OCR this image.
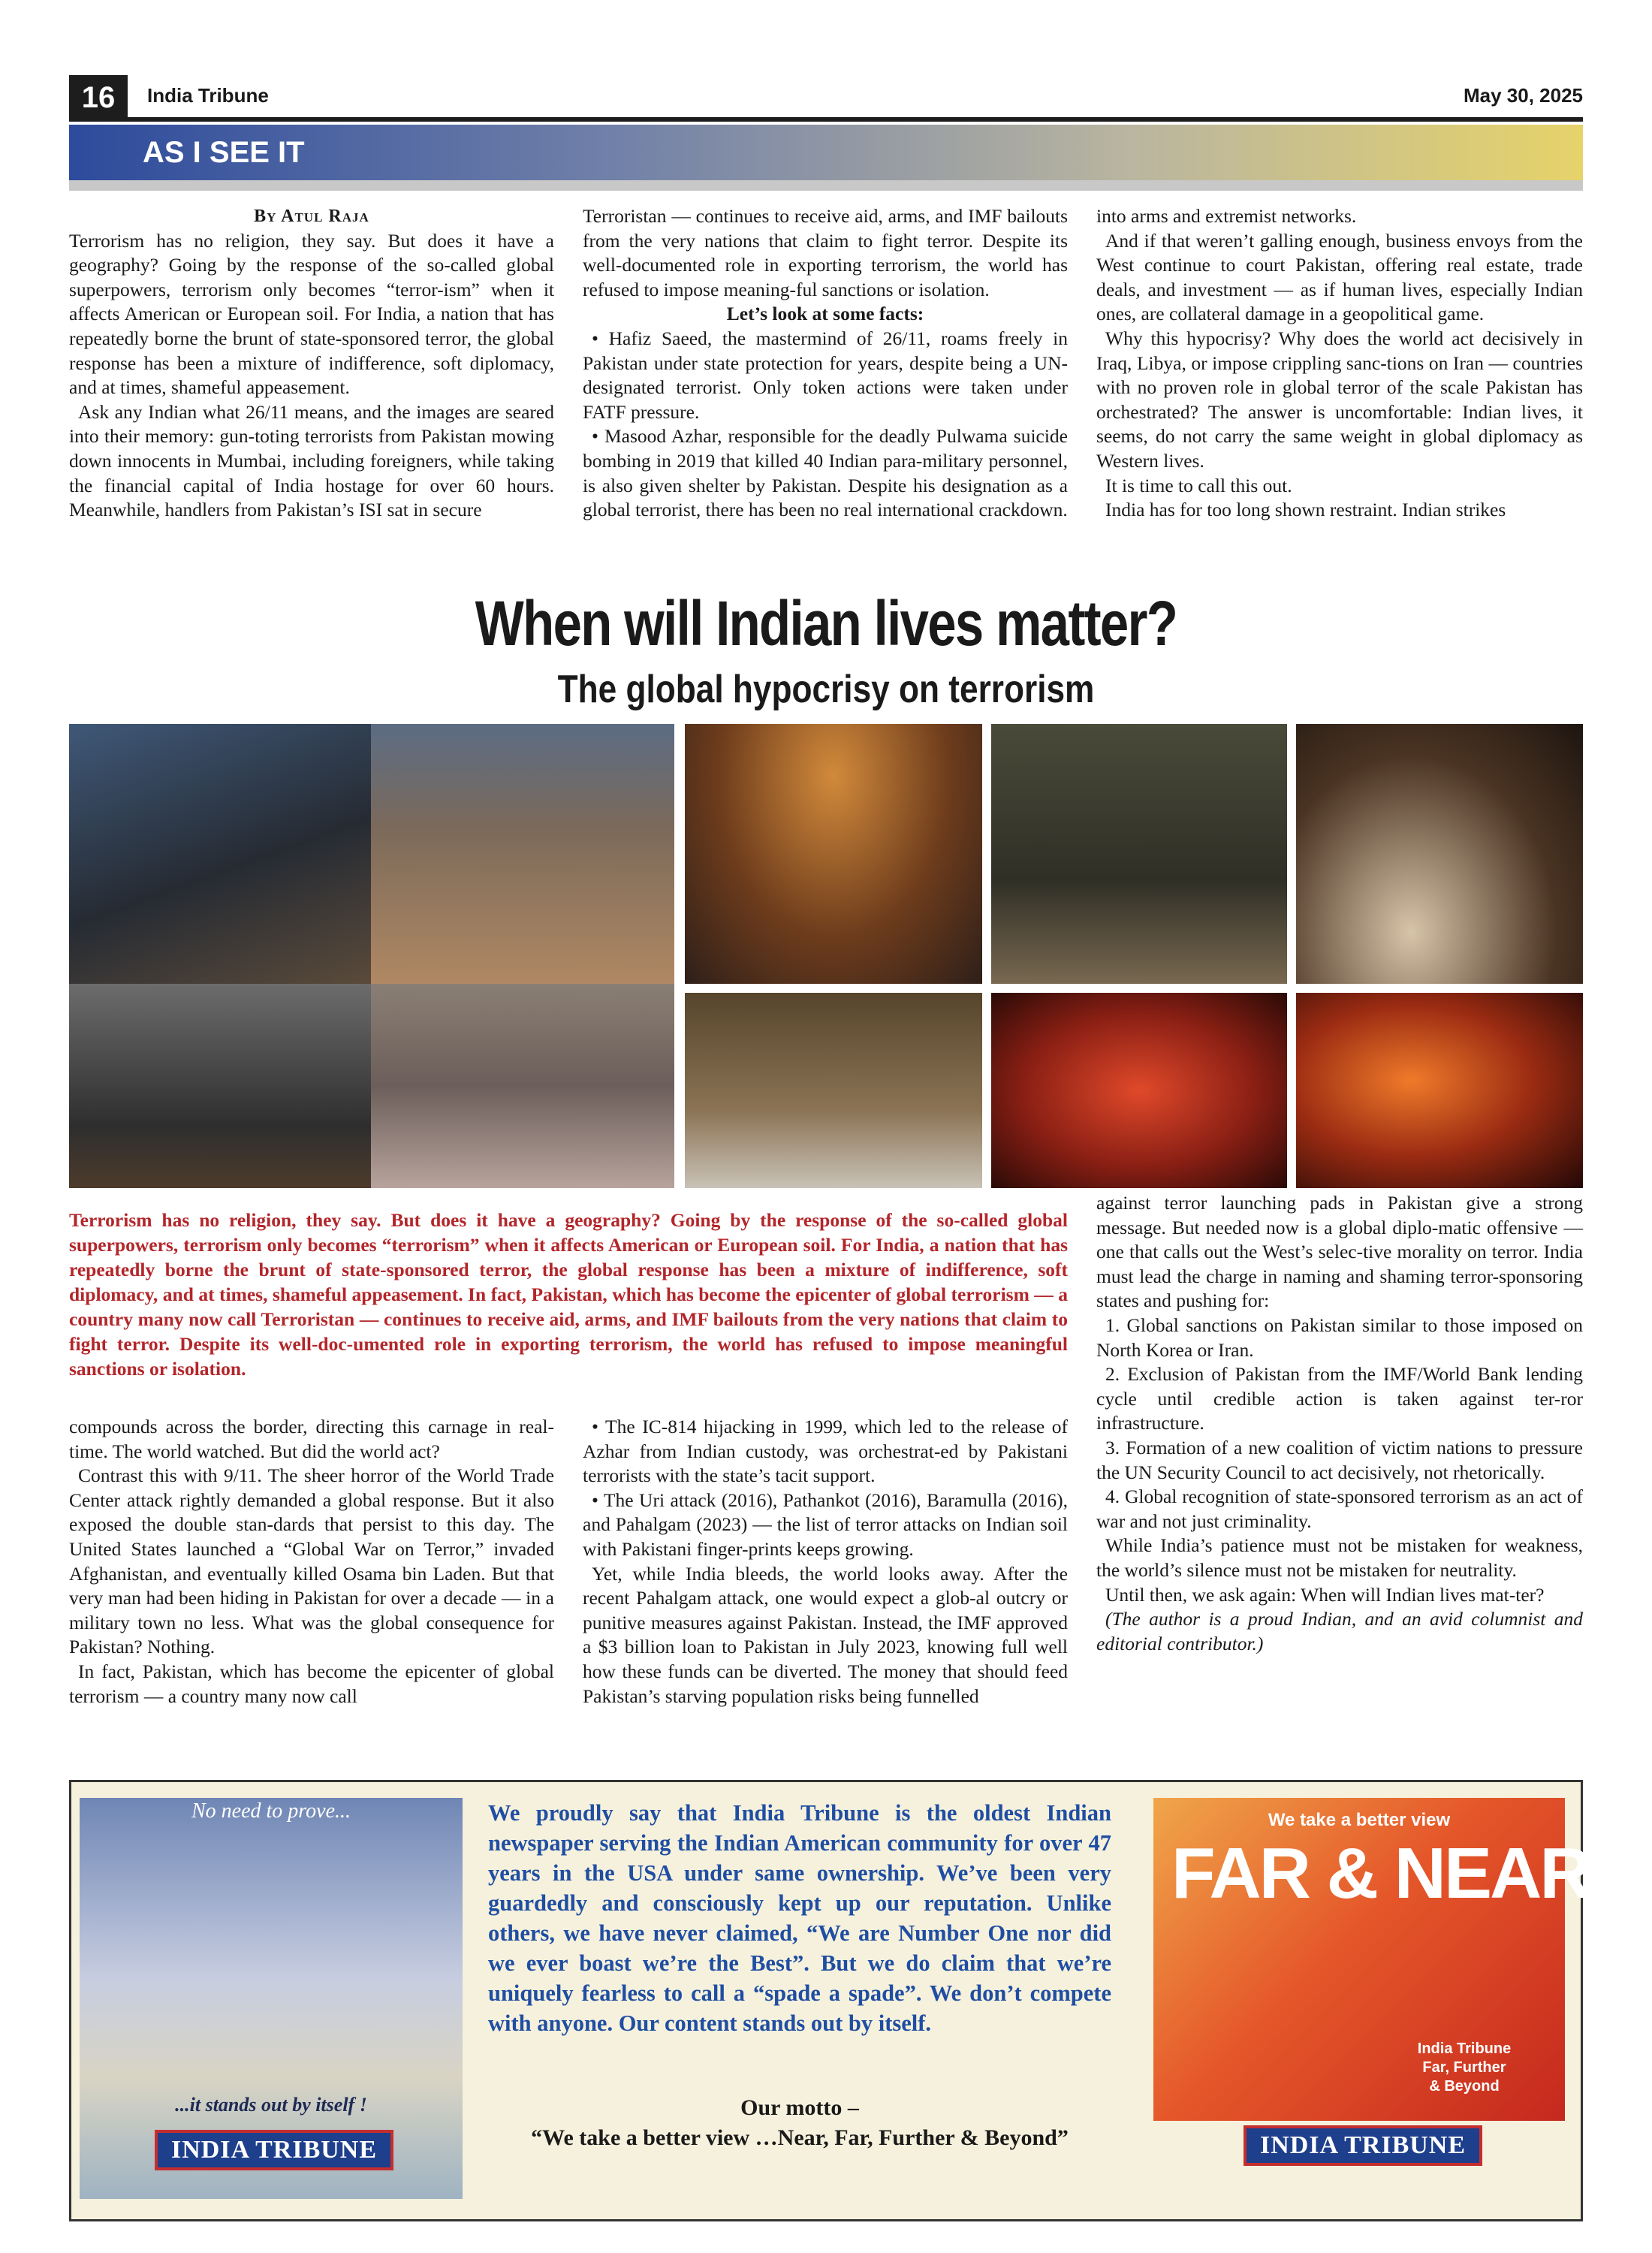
16	India Tribune	May 30, 2025
AS I SEE IT

By Atul Raja

Terrorism has no religion, they say. But does it have a geography? Going by the response of the so-called global superpowers, terrorism only becomes “terror-ism” when it affects American or European soil. For India, a nation that has repeatedly borne the brunt of state-sponsored terror, the global response has been a mixture of indifference, soft diplomacy, and at times, shameful appeasement.

Ask any Indian what 26/11 means, and the images are seared into their memory: gun-toting terrorists from Pakistan mowing down innocents in Mumbai, including foreigners, while taking the financial capital of India hostage for over 60 hours. Meanwhile, handlers from Pakistan’s ISI sat in secure

Terroristan — continues to receive aid, arms, and IMF bailouts from the very nations that claim to fight terror. Despite its well-documented role in exporting terrorism, the world has refused to impose meaning-ful sanctions or isolation.

Let’s look at some facts:

• Hafiz Saeed, the mastermind of 26/11, roams freely in Pakistan under state protection for years, despite being a UN-designated terrorist. Only token actions were taken under FATF pressure.

• Masood Azhar, responsible for the deadly Pulwama suicide bombing in 2019 that killed 40 Indian para-military personnel, is also given shelter by Pakistan. Despite his designation as a global terrorist, there has been no real international crackdown.

into arms and extremist networks.

And if that weren’t galling enough, business envoys from the West continue to court Pakistan, offering real estate, trade deals, and investment — as if human lives, especially Indian ones, are collateral damage in a geopolitical game.

Why this hypocrisy? Why does the world act decisively in Iraq, Libya, or impose crippling sanc-tions on Iran — countries with no proven role in global terror of the scale Pakistan has orchestrated? The answer is uncomfortable: Indian lives, it seems, do not carry the same weight in global diplomacy as Western lives.

It is time to call this out.

India has for too long shown restraint. Indian strikes

When will Indian lives matter?
The global hypocrisy on terrorism
Terrorism has no religion, they say. But does it have a geography? Going by the response of the so-called global superpowers, terrorism only becomes “terrorism” when it affects American or European soil. For India, a nation that has repeatedly borne the brunt of state-sponsored terror, the global response has been a mixture of indifference, soft diplomacy, and at times, shameful appeasement. In fact, Pakistan, which has become the epicenter of global terrorism — a country many now call Terroristan — continues to receive aid, arms, and IMF bailouts from the very nations that claim to fight terror. Despite its well-doc-umented role in exporting terrorism, the world has refused to impose meaningful sanctions or isolation.

compounds across the border, directing this carnage in real-time. The world watched. But did the world act?

Contrast this with 9/11. The sheer horror of the World Trade Center attack rightly demanded a global response. But it also exposed the double stan-dards that persist to this day. The United States launched a “Global War on Terror,” invaded Afghanistan, and eventually killed Osama bin Laden. But that very man had been hiding in Pakistan for over a decade — in a military town no less. What was the global consequence for Pakistan? Nothing.

In fact, Pakistan, which has become the epicenter of global terrorism — a country many now call

• The IC-814 hijacking in 1999, which led to the release of Azhar from Indian custody, was orchestrat-ed by Pakistani terrorists with the state’s tacit support.

• The Uri attack (2016), Pathankot (2016), Baramulla (2016), and Pahalgam (2023) — the list of terror attacks on Indian soil with Pakistani finger-prints keeps growing.

Yet, while India bleeds, the world looks away. After the recent Pahalgam attack, one would expect a glob-al outcry or punitive measures against Pakistan. Instead, the IMF approved a $3 billion loan to Pakistan in July 2023, knowing full well how these funds can be diverted. The money that should feed Pakistan’s starving population risks being funnelled

against terror launching pads in Pakistan give a strong message. But needed now is a global diplo-matic offensive — one that calls out the West’s selec-tive morality on terror. India must lead the charge in naming and shaming terror-sponsoring states and pushing for:

1. Global sanctions on Pakistan similar to those imposed on North Korea or Iran.

2. Exclusion of Pakistan from the IMF/World Bank lending cycle until credible action is taken against ter-ror infrastructure.

3. Formation of a new coalition of victim nations to pressure the UN Security Council to act decisively, not rhetorically.

4. Global recognition of state-sponsored terrorism as an act of war and not just criminality.

While India’s patience must not be mistaken for weakness, the world’s silence must not be mistaken for neutrality.

Until then, we ask again: When will Indian lives mat-ter?

(The author is a proud Indian, and an avid columnist and editorial contributor.)

No need to prove...
...it stands out by itself !
INDIA TRIBUNE
We proudly say that India Tribune is the oldest Indian newspaper serving the Indian American community for over 47 years in the USA under same ownership. We’ve been very guardedly and consciously kept up our reputation. Unlike others, we have never claimed, “We are Number One nor did we ever boast we’re the Best”. But we do claim that we’re uniquely fearless to call a “spade a spade”. We don’t compete with anyone. Our content stands out by itself.
Our motto –
“We take a better view …Near, Far, Further & Beyond”
We take a better view
FAR & NEAR
India Tribune
Far, Further
& Beyond
INDIA TRIBUNE
